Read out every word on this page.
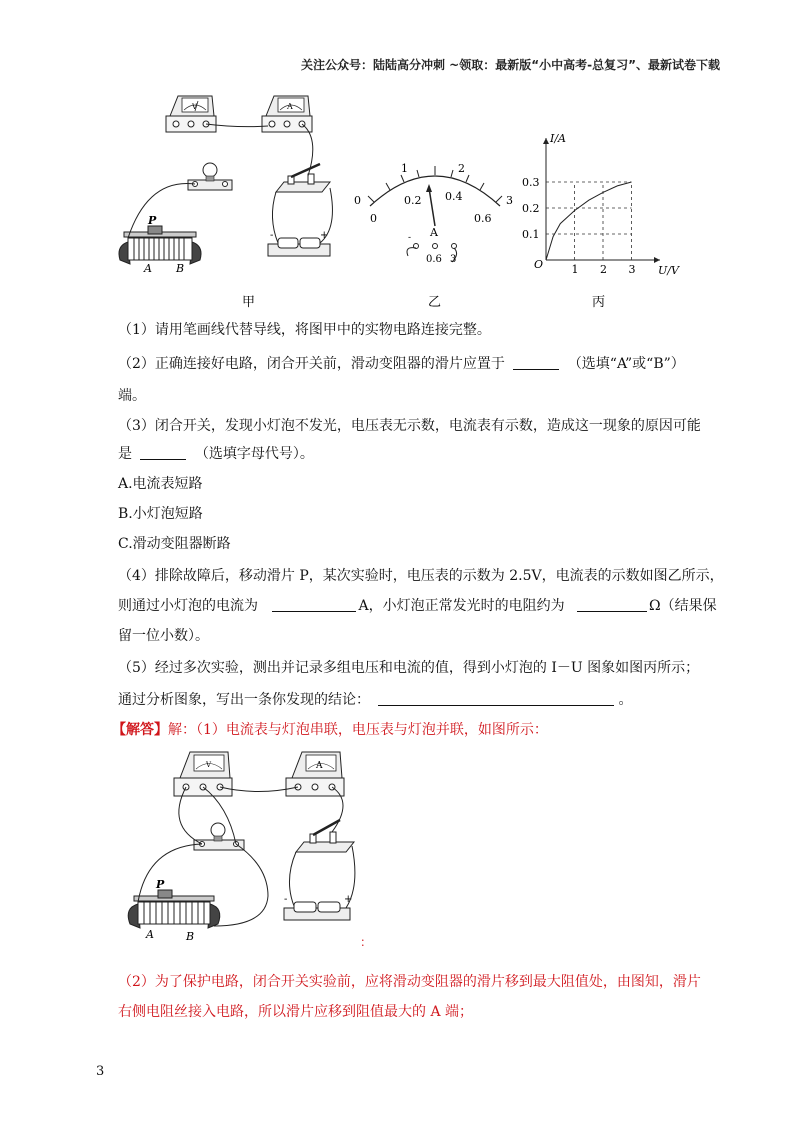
关注公众号：陆陆高分冲刺 ~领取：最新版“小中高考-总复习”、最新试卷下载
V	A
-	+
P
A B
0
1	2
3
0
0.2 0.4
0.6
A
-
0.6 3
1 2 3
0.1
0.2
0.3
I/A
U/V
O
甲	乙	丙
（1）请用笔画线代替导线，将图甲中的实物电路连接完整。
（2）正确连接好电路，闭合开关前，滑动变阻器的滑片应置于	（选填“A”或“B”）
端。
（3）闭合开关，发现小灯泡不发光，电压表无示数，电流表有示数，造成这一现象的原因可能
是	（选填字母代号）。
A.电流表短路
B.小灯泡短路
C.滑动变阻器断路
（4）排除故障后，移动滑片 P，某次实验时，电压表的示数为 2.5V，电流表的示数如图乙所示，
则通过小灯泡的电流为	A，小灯泡正常发光时的电阻约为	Ω（结果保
留一位小数）。
（5）经过多次实验，测出并记录多组电压和电流的值，得到小灯泡的 I－U 图象如图丙所示；
通过分析图象，写出一条你发现的结论：	。
【解答】解：（1）电流表与灯泡串联，电压表与灯泡并联，如图所示：
V	A
-	+
P
A	B	：
（2）为了保护电路，闭合开关实验前，应将滑动变阻器的滑片移到最大阻值处，由图知，滑片
右侧电阻丝接入电路，所以滑片应移到阻值最大的 A 端；
3
